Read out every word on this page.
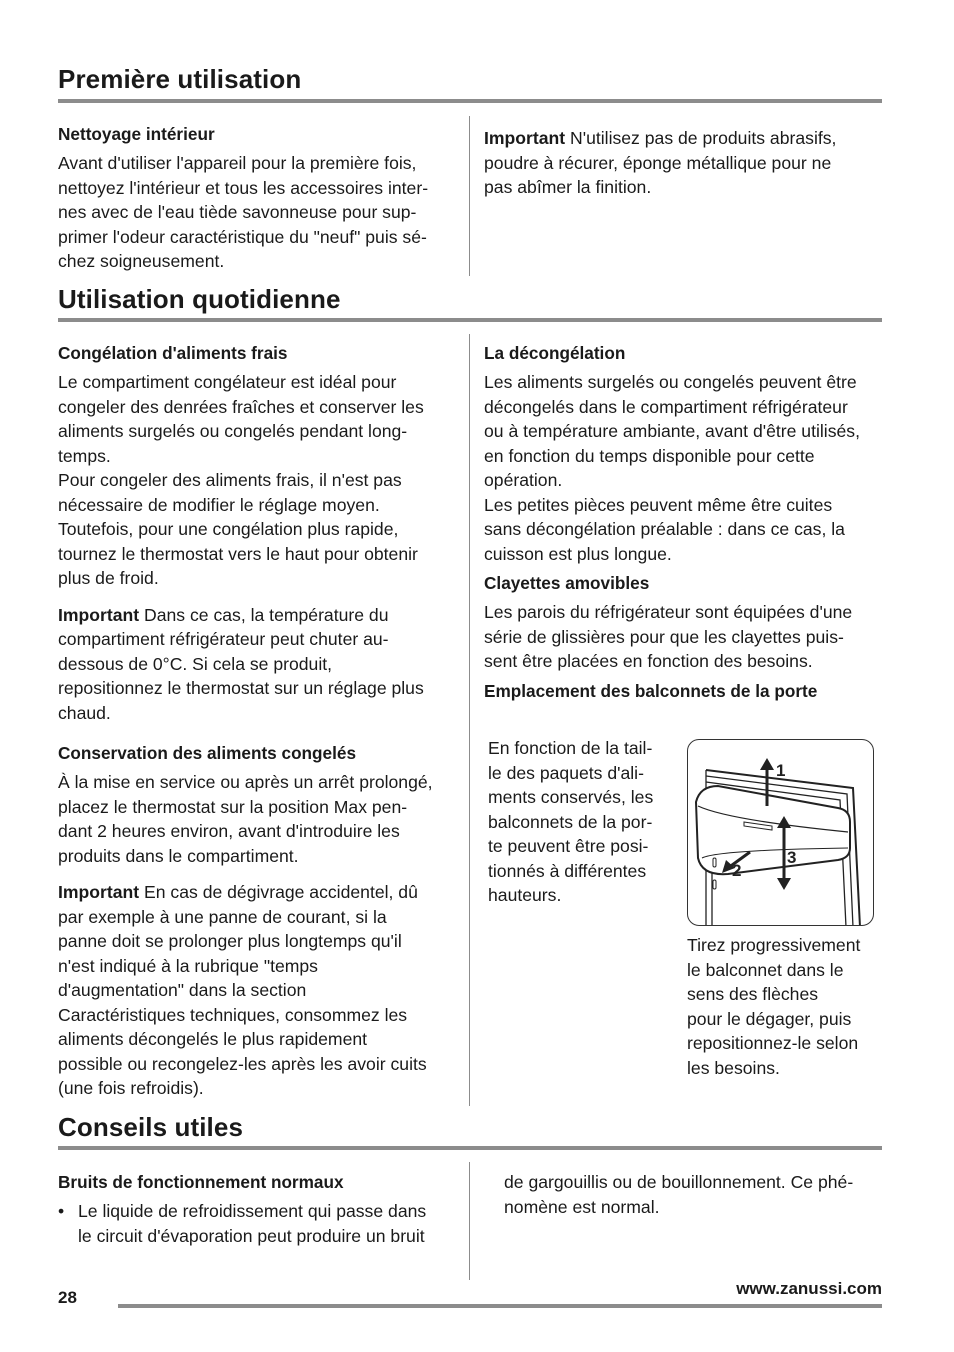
Première utilisation
Nettoyage intérieur

Avant d'utiliser l'appareil pour la première fois,

nettoyez l'intérieur et tous les accessoires inter-

nes avec de l'eau tiède savonneuse pour sup-

primer l'odeur caractéristique du "neuf" puis sé-

chez soigneusement.

Important N'utilisez pas de produits abrasifs,

poudre à récurer, éponge métallique pour ne

pas abîmer la finition.

Utilisation quotidienne
Congélation d'aliments frais

Le compartiment congélateur est idéal pour

congeler des denrées fraîches et conserver les

aliments surgelés ou congelés pendant long-

temps.

Pour congeler des aliments frais, il n'est pas

nécessaire de modifier le réglage moyen.

Toutefois, pour une congélation plus rapide,

tournez le thermostat vers le haut pour obtenir

plus de froid.

Important Dans ce cas, la température du

compartiment réfrigérateur peut chuter au-

dessous de 0°C. Si cela se produit,

repositionnez le thermostat sur un réglage plus

chaud.

Conservation des aliments congelés

À la mise en service ou après un arrêt prolongé,

placez le thermostat sur la position Max pen-

dant 2 heures environ, avant d'introduire les

produits dans le compartiment.

Important En cas de dégivrage accidentel, dû

par exemple à une panne de courant, si la

panne doit se prolonger plus longtemps qu'il

n'est indiqué à la rubrique "temps

d'augmentation" dans la section

Caractéristiques techniques, consommez les

aliments décongelés le plus rapidement

possible ou recongelez-les après les avoir cuits

(une fois refroidis).

La décongélation

Les aliments surgelés ou congelés peuvent être

décongelés dans le compartiment réfrigérateur

ou à température ambiante, avant d'être utilisés,

en fonction du temps disponible pour cette

opération.

Les petites pièces peuvent même être cuites

sans décongélation préalable : dans ce cas, la

cuisson est plus longue.

Clayettes amovibles

Les parois du réfrigérateur sont équipées d'une

série de glissières pour que les clayettes puis-

sent être placées en fonction des besoins.

Emplacement des balconnets de la porte

En fonction de la tail-

le des paquets d'ali-

ments conservés, les

balconnets de la por-

te peuvent être posi-

tionnés à différentes

hauteurs.

1
2
3

Tirez progressivement

le balconnet dans le

sens des flèches

pour le dégager, puis

repositionnez-le selon

les besoins.

Conseils utiles
Bruits de fonctionnement normaux
• Le liquide de refroidissement qui passe dans

le circuit d'évaporation peut produire un bruit

de gargouillis ou de bouillonnement. Ce phé-

nomène est normal.

28	www.zanussi.com
